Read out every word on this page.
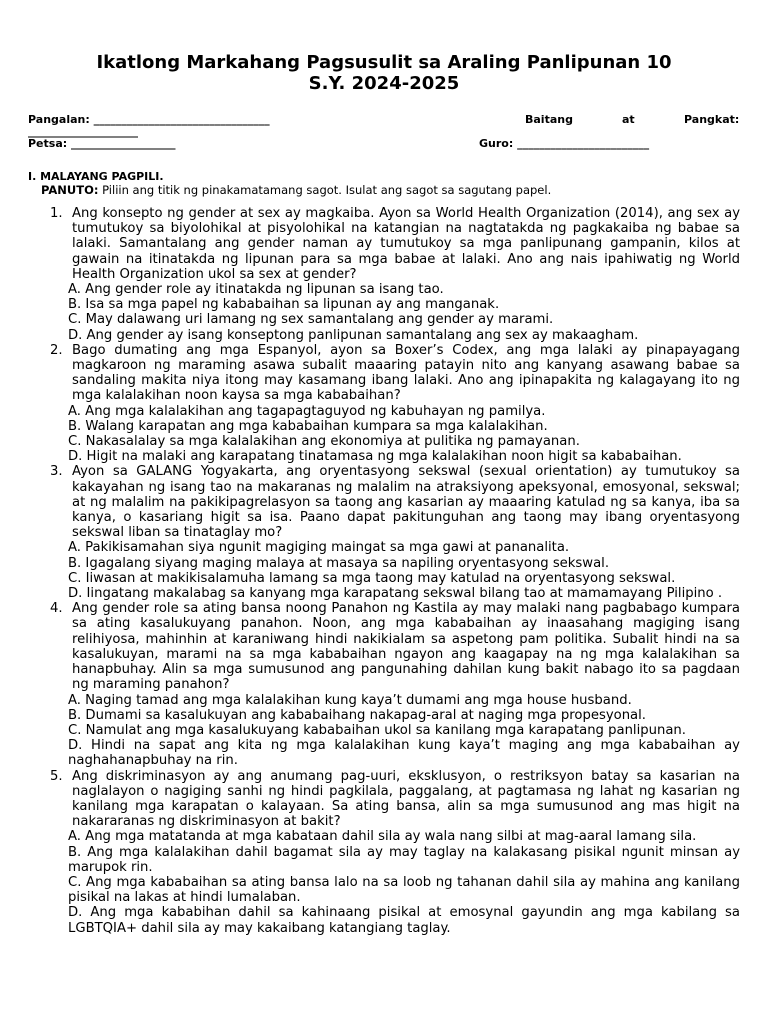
Ikatlong Markahang Pagsusulit sa Araling Panlipunan 10
S.Y. 2024-2025
Pangalan: ________________________________	Baitang	at	Pangkat:
____________________
Petsa: ___________________	Guro: ________________________
I. MALAYANG PAGPILI.
PANUTO: Piliin ang titik ng pinakamatamang sagot. Isulat ang sagot sa sagutang papel.
1. Ang konsepto ng gender at sex ay magkaiba. Ayon sa World Health Organization (2014), ang sex ay tumutukoy sa biyolohikal at pisyolohikal na katangian na nagtatakda ng pagkakaiba ng babae sa lalaki. Samantalang ang gender naman ay tumutukoy sa mga panlipunang gampanin, kilos at gawain na itinatakda ng lipunan para sa mga babae at lalaki. Ano ang nais ipahiwatig ng World Health Organization ukol sa sex at gender?
A. Ang gender role ay itinatakda ng lipunan sa isang tao.
B. Isa sa mga papel ng kababaihan sa lipunan ay ang manganak.
C. May dalawang uri lamang ng sex samantalang ang gender ay marami.
D. Ang gender ay isang konseptong panlipunan samantalang ang sex ay makaagham.
2. Bago dumating ang mga Espanyol, ayon sa Boxer’s Codex, ang mga lalaki ay pinapayagang magkaroon ng maraming asawa subalit maaaring patayin nito ang kanyang asawang babae sa sandaling makita niya itong may kasamang ibang lalaki. Ano ang ipinapakita ng kalagayang ito ng mga kalalakihan noon kaysa sa mga kababaihan?
A. Ang mga kalalakihan ang tagapagtaguyod ng kabuhayan ng pamilya.
B. Walang karapatan ang mga kababaihan kumpara sa mga kalalakihan.
C. Nakasalalay sa mga kalalakihan ang ekonomiya at pulitika ng pamayanan.
D. Higit na malaki ang karapatang tinatamasa ng mga kalalakihan noon higit sa kababaihan.
3. Ayon sa GALANG Yogyakarta, ang oryentasyong sekswal (sexual orientation) ay tumutukoy sa kakayahan ng isang tao na makaranas ng malalim na atraksiyong apeksyonal, emosyonal, sekswal; at ng malalim na pakikipagrelasyon sa taong ang kasarian ay maaaring katulad ng sa kanya, iba sa kanya, o kasariang higit sa isa. Paano dapat pakitunguhan ang taong may ibang oryentasyong sekswal liban sa tinataglay mo?
A. Pakikisamahan siya ngunit magiging maingat sa mga gawi at pananalita.
B. Igagalang siyang maging malaya at masaya sa napiling oryentasyong sekswal.
C. Iiwasan at makikisalamuha lamang sa mga taong may katulad na oryentasyong sekswal.
D. Iingatang makalabag sa kanyang mga karapatang sekswal bilang tao at mamamayang Pilipino .
4. Ang gender role sa ating bansa noong Panahon ng Kastila ay may malaki nang pagbabago kumpara sa ating kasalukuyang panahon. Noon, ang mga kababaihan ay inaasahang magiging isang relihiyosa, mahinhin at karaniwang hindi nakikialam sa aspetong pam politika. Subalit hindi na sa kasalukuyan, marami na sa mga kababaihan ngayon ang kaagapay na ng mga kalalakihan sa hanapbuhay. Alin sa mga sumusunod ang pangunahing dahilan kung bakit nabago ito sa pagdaan ng maraming panahon?
A. Naging tamad ang mga kalalakihan kung kaya’t dumami ang mga house husband.
B. Dumami sa kasalukuyan ang kababaihang nakapag-aral at naging mga propesyonal.
C. Namulat ang mga kasalukuyang kababaihan ukol sa kanilang mga karapatang panlipunan.
D. Hindi na sapat ang kita ng mga kalalakihan kung kaya’t maging ang mga kababaihan ay naghahanapbuhay na rin.
5. Ang diskriminasyon ay ang anumang pag-uuri, eksklusyon, o restriksyon batay sa kasarian na naglalayon o nagiging sanhi ng hindi pagkilala, paggalang, at pagtamasa ng lahat ng kasarian ng kanilang mga karapatan o kalayaan. Sa ating bansa, alin sa mga sumusunod ang mas higit na nakararanas ng diskriminasyon at bakit?
A. Ang mga matatanda at mga kabataan dahil sila ay wala nang silbi at mag-aaral lamang sila.
B. Ang mga kalalakihan dahil bagamat sila ay may taglay na kalakasang pisikal ngunit minsan ay marupok rin.
C. Ang mga kababaihan sa ating bansa lalo na sa loob ng tahanan dahil sila ay mahina ang kanilang pisikal na lakas at hindi lumalaban.
D. Ang mga kababihan dahil sa kahinaang pisikal at emosynal gayundin ang mga kabilang sa LGBTQIA+ dahil sila ay may kakaibang katangiang taglay.
